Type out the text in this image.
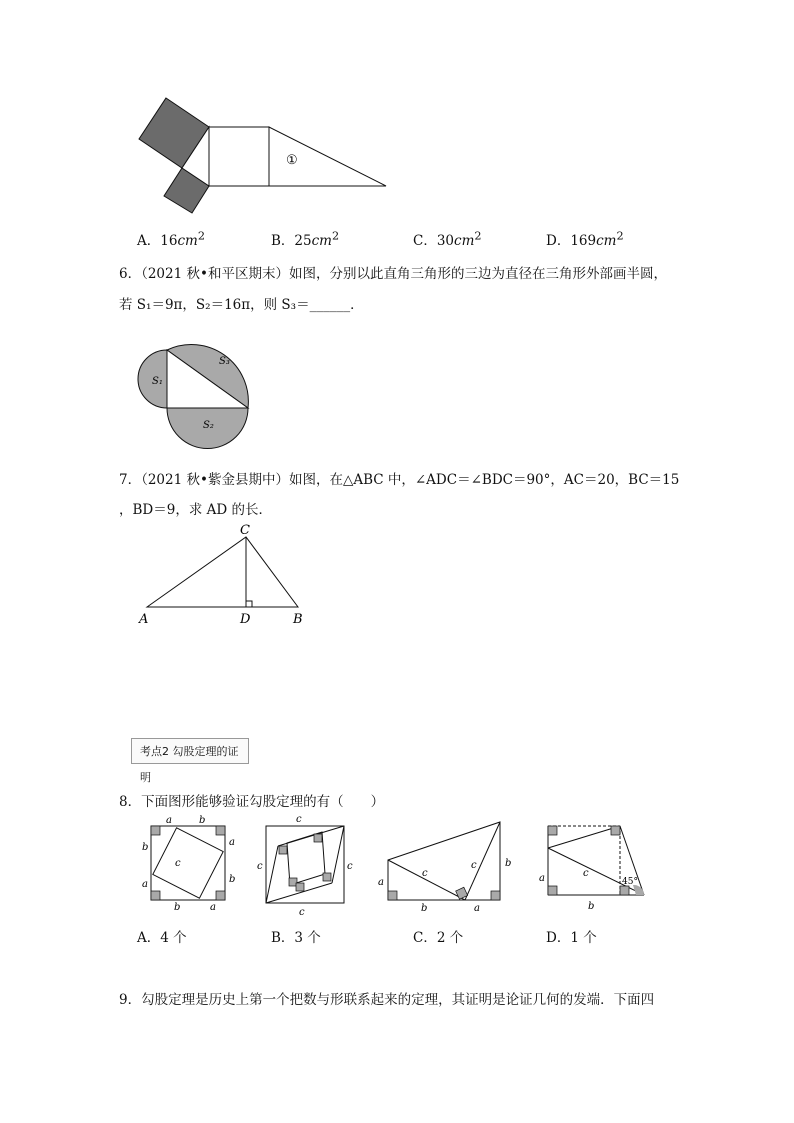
①
A．$16cm^2$	B．$25cm^2$	C．$30cm^2$	D．$169cm^2$
6．（2021 秋•和平区期末）如图，分别以此直角三角形的三边为直径在三角形外部画半圆，
若 S₁＝9π，S₂＝16π，则 S₃＝______．
S₁
S₂
S₃
7．（2021 秋•紫金县期中）如图，在△ABC 中，∠ADC＝∠BDC＝90°，AC＝20，BC＝15
，BD＝9，求 AD 的长．
C
A	D	B
考点2 勾股定理的证明
8．下面图形能够验证勾股定理的有（　　）
a	b
a
b
b
a
b	a
c
c
c	c
c
a
b
c
c
b	a
a	c
b
45°
A．4 个	B．3 个	C．2 个	D．1 个
9．勾股定理是历史上第一个把数与形联系起来的定理，其证明是论证几何的发端．下面四
